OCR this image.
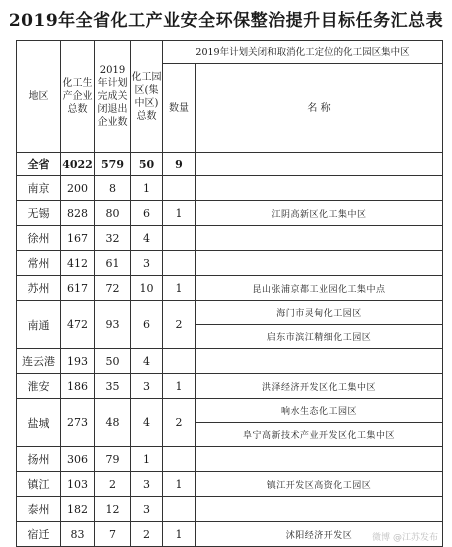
2019年全省化工产业安全环保整治提升目标任务汇总表
地区	化工生产企业总数	2019年计划完成关闭退出企业数	化工园区(集中区)总数	2019年计划关闭和取消化工定位的化工园区集中区	
				数量	名 称
全省	4022	579	50	9	
南京	200	8	1		
无锡	828	80	6	1	江阴高新区化工集中区
徐州	167	32	4		
常州	412	61	3		
苏州	617	72	10	1	昆山张浦京都工业园化工集中点
南通	472	93	6	2	海门市灵甸化工园区
					启东市滨江精细化工园区
连云港	193	50	4		
淮安	186	35	3	1	洪泽经济开发区化工集中区
盐城	273	48	4	2	响水生态化工园区
					阜宁高新技术产业开发区化工集中区
扬州	306	79	1		
镇江	103	2	3	1	镇江开发区高资化工园区
泰州	182	12	3		
宿迁	83	7	2	1	沭阳经济开发区 微博 @江苏发布
